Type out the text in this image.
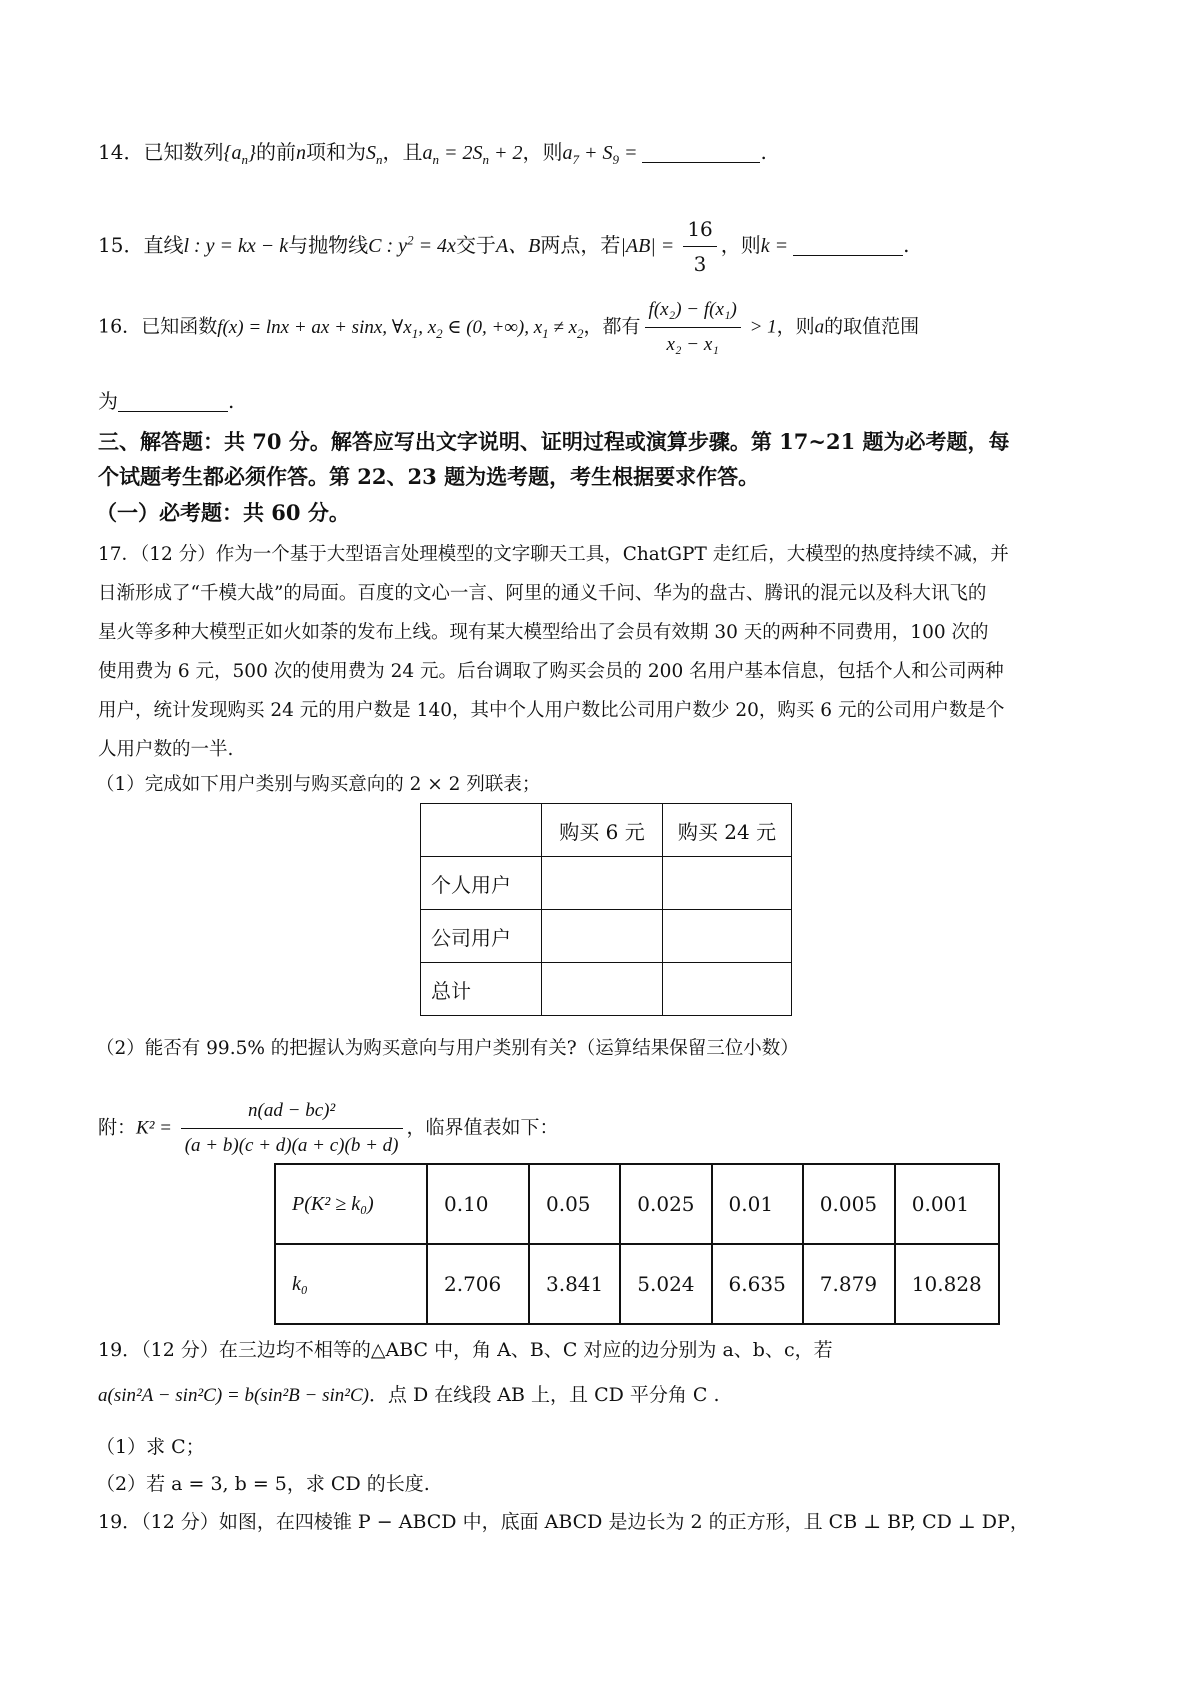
14．已知数列$\{a_n\}$的前n项和为$S_n$，且$a_n = 2S_n + 2$，则$a_7 + S_9$ =	.
15．直线l : y = kx − k与抛物线C : $y^2 = 4x$交于A、B两点，若$|AB| = \frac{16}{3}$ ，则k =	.
16．已知函数f(x) = lnx + ax + sinx, $\forall x_1$, $x_2$ ∈ (0, +∞), $x_1 \ne x_2$，都有 $\frac{\text{f(x₂) − f(x₁)}}{\text{x₂ − x₁}} > 1$，则a的取值范围
为	.
三、解答题：共 70 分。解答应写出文字说明、证明过程或演算步骤。第 17~21 题为必考题，每
个试题考生都必须作答。第 22、23 题为选考题，考生根据要求作答。
（一）必考题：共 60 分。
17．（12 分）作为一个基于大型语言处理模型的文字聊天工具，ChatGPT 走红后，大模型的热度持续不减，并
日渐形成了“千模大战”的局面。百度的文心一言、阿里的通义千问、华为的盘古、腾讯的混元以及科大讯飞的
星火等多种大模型正如火如荼的发布上线。现有某大模型给出了会员有效期 30 天的两种不同费用，100 次的
使用费为 6 元，500 次的使用费为 24 元。后台调取了购买会员的 200 名用户基本信息，包括个人和公司两种
用户，统计发现购买 24 元的用户数是 140，其中个人用户数比公司用户数少 20，购买 6 元的公司用户数是个
人用户数的一半.
（1）完成如下用户类别与购买意向的 2 × 2 列联表；
	购买 6 元	购买 24 元
个人用户		
公司用户		
总计		
（2）能否有 99.5% 的把握认为购买意向与用户类别有关?（运算结果保留三位小数）
附：$K^2 = \frac{\text{n(ad − bc)²}}{(a + b)(c + d)(a + c)(b + d)}$ ，临界值表如下：
P(K² ≥ k₀)	0.10	0.05	0.025	0.01	0.005	0.001
k₀	2.706	3.841	5.024	6.635	7.879	10.828
19．（12 分）在三边均不相等的△ABC 中，角 A、B、C 对应的边分别为 a、b、c，若
a(sin²A − sin²C) = b(sin²B − sin²C)．点 D 在线段 AB 上，且 CD 平分角 C .
（1）求 C；
（2）若 a = 3, b = 5，求 CD 的长度.
19．（12 分）如图，在四棱锥 P − ABCD 中，底面 ABCD 是边长为 2 的正方形，且 CB ⊥ BP, CD ⊥ DP，
